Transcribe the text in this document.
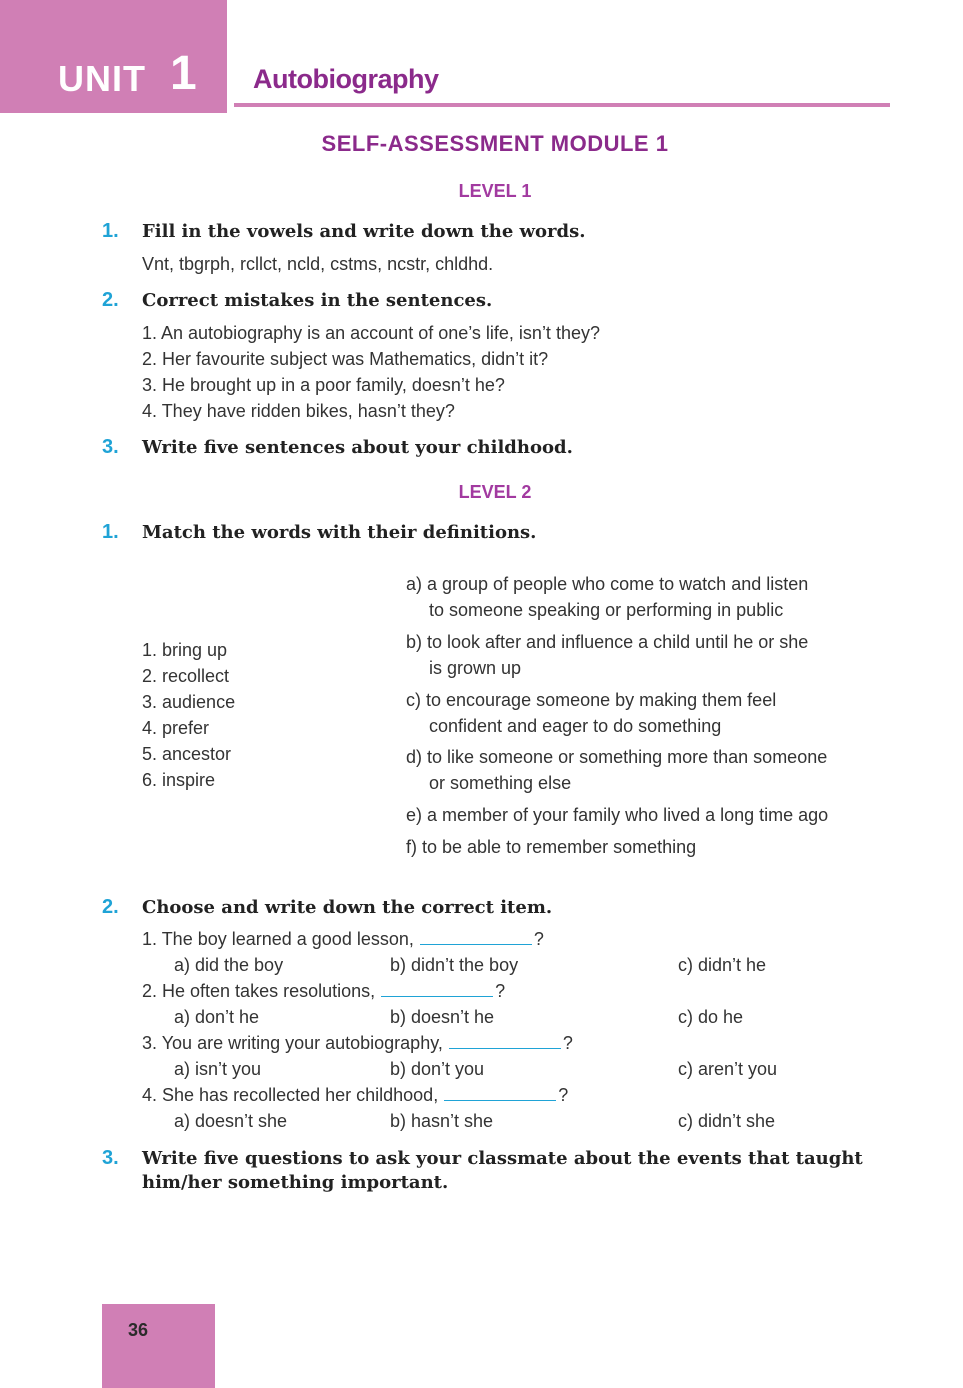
UNIT 1 Autobiography
SELF-ASSESSMENT MODULE 1
LEVEL 1
1. Fill in the vowels and write down the words.
Vnt, tbgrph, rcllct, ncld, cstms, ncstr, chldhd.
2. Correct mistakes in the sentences.
1. An autobiography is an account of one’s life, isn’t they?
2. Her favourite subject was Mathematics, didn’t it?
3. He brought up in a poor family, doesn’t he?
4. They have ridden bikes, hasn’t they?
3. Write five sentences about your childhood.
LEVEL 2
1. Match the words with their definitions.
1. bring up
2. recollect
3. audience
4. prefer
5. ancestor
6. inspire
a) a group of people who come to watch and listen
to someone speaking or performing in public
b) to look after and influence a child until he or she
is grown up
c) to encourage someone by making them feel
confident and eager to do something
d) to like someone or something more than someone
or something else
e) a member of your family who lived a long time ago
f) to be able to remember something
2. Choose and write down the correct item.
1. The boy learned a good lesson,	?
a) did the boy	b) didn’t the boy	c) didn’t he
2. He often takes resolutions,	?
a) don’t he	b) doesn’t he	c) do he
3. You are writing your autobiography,	?
a) isn’t you	b) don’t you	c) aren’t you
4. She has recollected her childhood,	?
a) doesn’t she	b) hasn’t she	c) didn’t she
3. Write five questions to ask your classmate about the events that taught
him/her something important.
36
